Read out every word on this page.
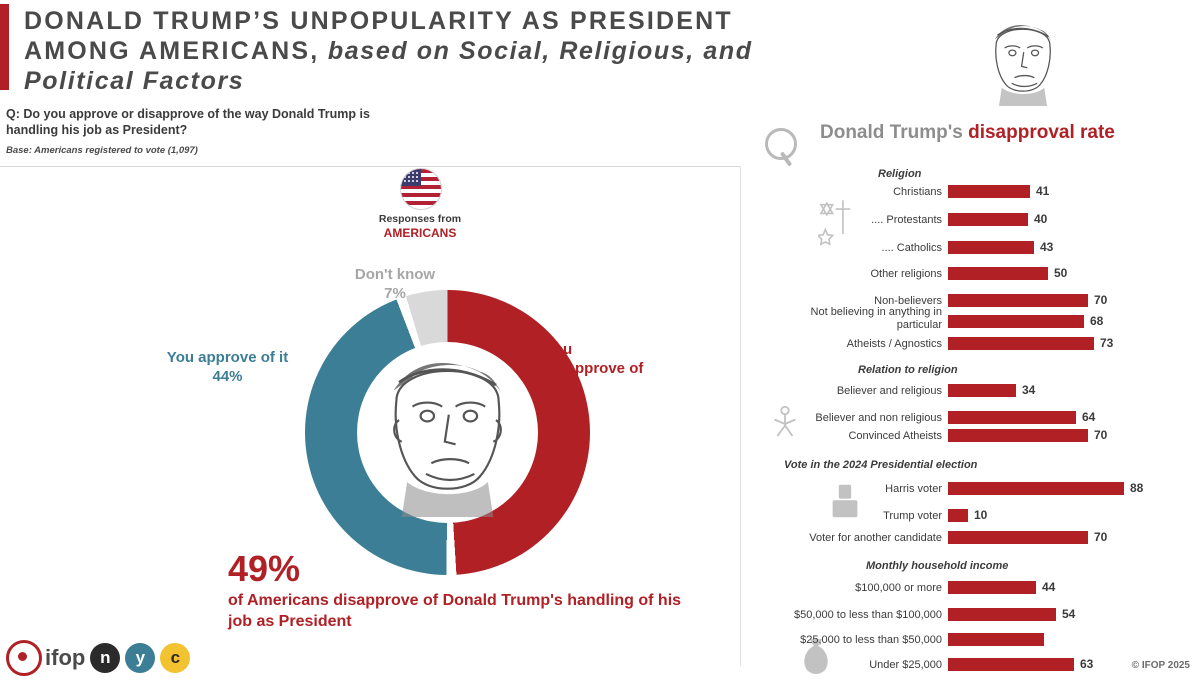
DONALD TRUMP’S UNPOPULARITY AS PRESIDENT
AMONG AMERICANS, based on Social, Religious, and
Political Factors
Q: Do you approve or disapprove of the way Donald Trump is handling his job as President?
Base: Americans registered to vote (1,097)
Responses from
AMERICANS
Don't know
7%
You approve of it
44%
You
disapprove of
it
49%
49%
of Americans disapprove of Donald Trump's handling of his job as President
Donald Trump's disapproval rate
Religion
Christians	41
.... Protestants	40
.... Catholics	43
Other religions	50
Non-believers	70
Not believing in anything in particular	68
Atheists / Agnostics	73
Relation to religion
Believer and religious	34
Believer and non religious	64
Convinced Atheists	70
Vote in the 2024 Presidential election
Harris voter	88
Trump voter	10
Voter for another candidate	70
Monthly household income
$100,000 or more	44
$50,000 to less than $100,000	54
$25,000 to less than $50,000
Under $25,000	63
ifop n	y	c	© IFOP 2025
